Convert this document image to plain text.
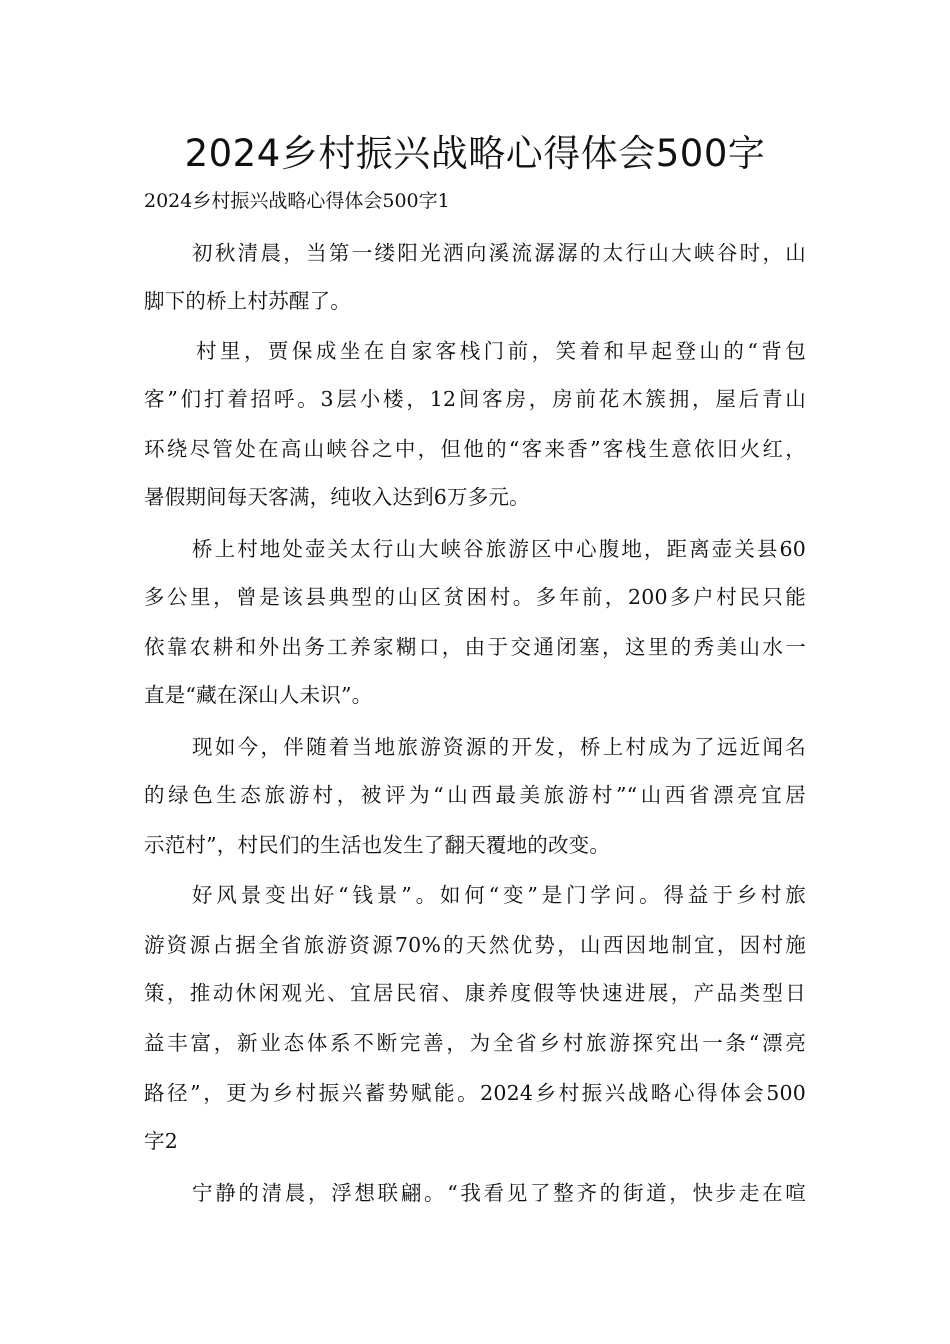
2024乡村振兴战略心得体会500字
2024乡村振兴战略心得体会500字1
初秋清晨，当第一缕阳光洒向溪流潺潺的太行山大峡谷时，山
脚下的桥上村苏醒了。
村里，贾保成坐在自家客栈门前，笑着和早起登山的“背包
客”们打着招呼。3层小楼，12间客房，房前花木簇拥，屋后青山
环绕尽管处在高山峡谷之中，但他的“客来香”客栈生意依旧火红，
暑假期间每天客满，纯收入达到6万多元。
桥上村地处壶关太行山大峡谷旅游区中心腹地，距离壶关县60
多公里，曾是该县典型的山区贫困村。多年前，200多户村民只能
依靠农耕和外出务工养家糊口，由于交通闭塞，这里的秀美山水一
直是“藏在深山人未识”。
现如今，伴随着当地旅游资源的开发，桥上村成为了远近闻名
的绿色生态旅游村，被评为“山西最美旅游村”“山西省漂亮宜居
示范村”，村民们的生活也发生了翻天覆地的改变。
好风景变出好“钱景”。如何“变”是门学问。得益于乡村旅
游资源占据全省旅游资源70%的天然优势，山西因地制宜，因村施
策，推动休闲观光、宜居民宿、康养度假等快速进展，产品类型日
益丰富，新业态体系不断完善，为全省乡村旅游探究出一条“漂亮
路径”，更为乡村振兴蓄势赋能。2024乡村振兴战略心得体会500
字2
宁静的清晨，浮想联翩。“我看见了整齐的街道，快步走在喧
